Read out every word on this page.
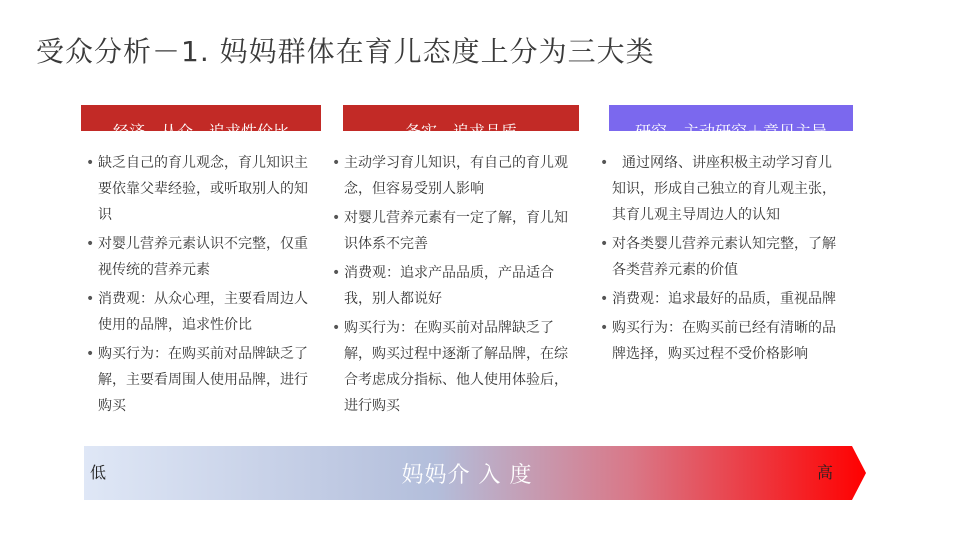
受众分析－1. 妈妈群体在育儿态度上分为三大类
经济、从众，追求性价比	务实，追求品质	研究，主动研究＋意见主导
• 缺乏自己的育儿观念，育儿知识主要依靠父辈经验，或听取别人的知识
• 对婴儿营养元素认识不完整，仅重视传统的营养元素
• 消费观：从众心理，主要看周边人使用的品牌，追求性价比
• 购买行为：在购买前对品牌缺乏了解，主要看周围人使用品牌，进行购买
• 主动学习育儿知识，有自己的育儿观念，但容易受别人影响
• 对婴儿营养元素有一定了解，育儿知识体系不完善
• 消费观：追求产品品质，产品适合我，别人都说好
• 购买行为：在购买前对品牌缺乏了解，购买过程中逐渐了解品牌，在综合考虑成分指标、他人使用体验后，进行购买
• 通过网络、讲座积极主动学习育儿知识，形成自己独立的育儿观主张，其育儿观主导周边人的认知
• 对各类婴儿营养元素认知完整，了解各类营养元素的价值
• 消费观：追求最好的品质，重视品牌
• 购买行为：在购买前已经有清晰的品牌选择，购买过程不受价格影响
低	妈妈介 入 度	高
